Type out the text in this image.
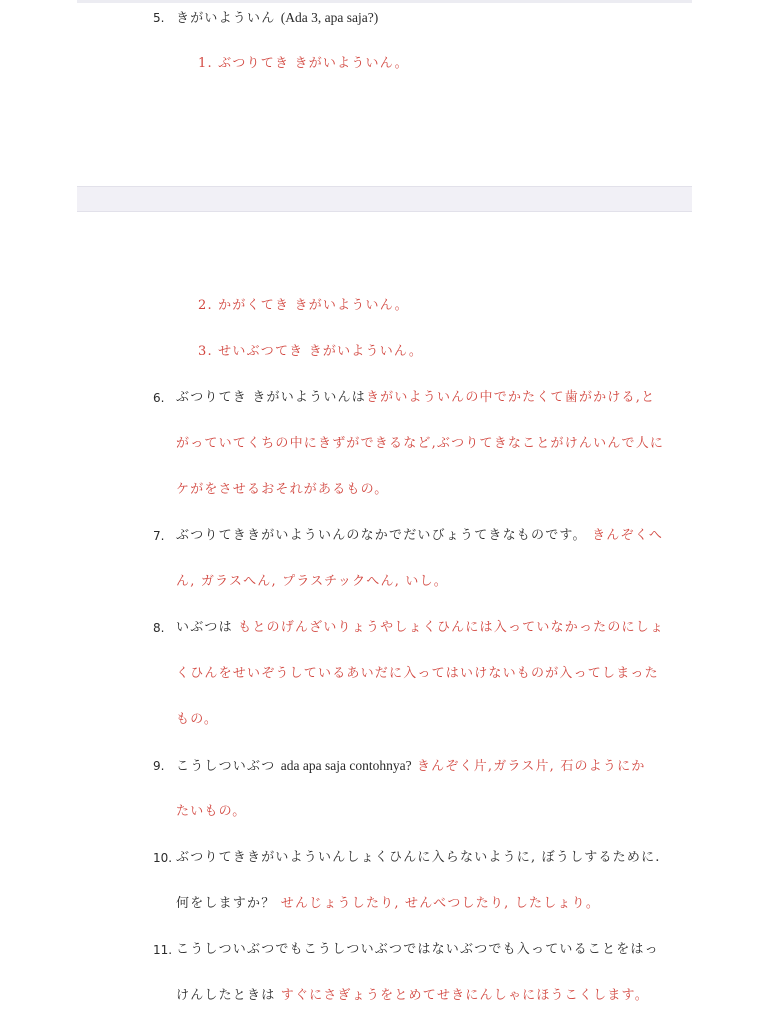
5. きがいよういん (Ada 3, apa saja?)
1. ぶつりてき きがいよういん。
2. かがくてき きがいよういん。
3. せいぶつてき きがいよういん。
6. ぶつりてき きがいよういんはきがいよういんの中でかたくて歯がかける,と
がっていてくちの中にきずができるなど,ぶつりてきなことがけんいんで人に
ケがをさせるおそれがあるもの。
7. ぶつりてききがいよういんのなかでだいびょうてきなものです。 きんぞくへ
ん, ガラスへん, プラスチックへん, いし。
8. いぶつは もとのげんざいりょうやしょくひんには入っていなかったのにしょ
くひんをせいぞうしているあいだに入ってはいけないものが入ってしまった
もの。
9. こうしついぶつ ada apa saja contohnya? きんぞく片,ガラス片, 石のようにか
たいもの。
10. ぶつりてききがいよういんしょくひんに入らないように, ぼうしするために.
何をしますか？ せんじょうしたり, せんべつしたり, したしょり。
11. こうしついぶつでもこうしついぶつではないぶつでも入っていることをはっ
けんしたときは すぐにさぎょうをとめてせきにんしゃにほうこくします。
